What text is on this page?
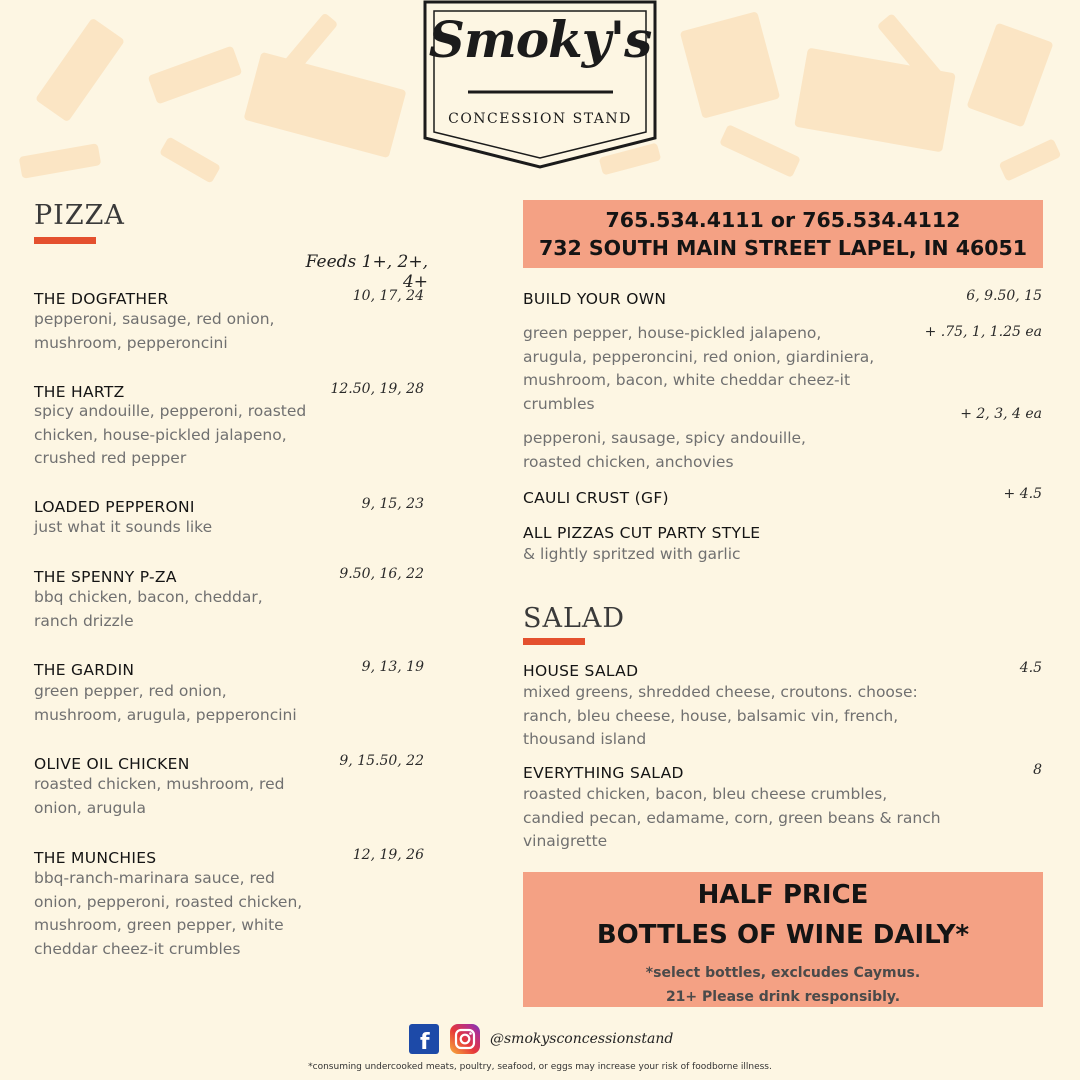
Smoky's
CONCESSION STAND
PIZZA
Feeds 1+, 2+, 4+
THE DOGFATHER	10, 17, 24
pepperoni, sausage, red onion,
mushroom, pepperoncini
THE HARTZ	12.50, 19, 28
spicy andouille, pepperoni, roasted
chicken, house-pickled jalapeno,
crushed red pepper
LOADED PEPPERONI	9, 15, 23
just what it sounds like
THE SPENNY P-ZA	9.50, 16, 22
bbq chicken, bacon, cheddar,
ranch drizzle
THE GARDIN	9, 13, 19
green pepper, red onion,
mushroom, arugula, pepperoncini
OLIVE OIL CHICKEN	9, 15.50, 22
roasted chicken, mushroom, red
onion, arugula
THE MUNCHIES	12, 19, 26
bbq-ranch-marinara sauce, red
onion, pepperoni, roasted chicken,
mushroom, green pepper, white
cheddar cheez-it crumbles
765.534.4111 or 765.534.4112
732 SOUTH MAIN STREET LAPEL, IN 46051
BUILD YOUR OWN	6, 9.50, 15
+ .75, 1, 1.25 ea
green pepper, house-pickled jalapeno,
arugula, pepperoncini, red onion, giardiniera,
mushroom, bacon, white cheddar cheez-it
crumbles
+ 2, 3, 4 ea
pepperoni, sausage, spicy andouille,
roasted chicken, anchovies
CAULI CRUST (GF)	+ 4.5
ALL PIZZAS CUT PARTY STYLE
& lightly spritzed with garlic
SALAD
HOUSE SALAD	4.5
mixed greens, shredded cheese, croutons. choose:
ranch, bleu cheese, house, balsamic vin, french,
thousand island
EVERYTHING SALAD	8
roasted chicken, bacon, bleu cheese crumbles,
candied pecan, edamame, corn, green beans & ranch
vinaigrette
HALF PRICE
BOTTLES OF WINE DAILY*
*select bottles, exclcudes Caymus.
21+ Please drink responsibly.
f	@smokysconcessionstand
*consuming undercooked meats, poultry, seafood, or eggs may increase your risk of foodborne illness.
